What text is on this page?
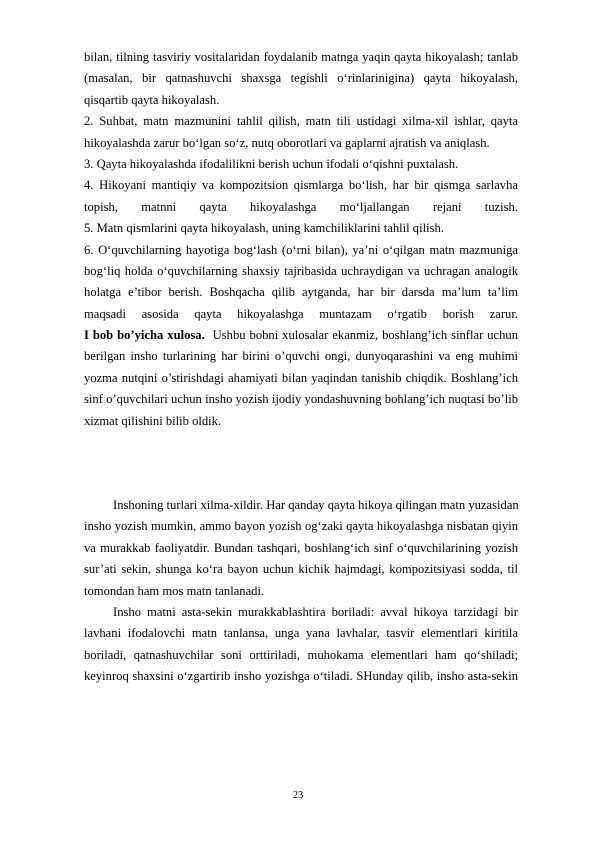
bilan, tilning tasviriy vositalaridan foydalanib matnga yaqin qayta hikoyalash; tanlab
(masalan, bir qatnashuvchi shaxsga tegishli o‘rinlarinigina) qayta hikoyalash,
qisqartib qayta hikoyalash.
2. Suhbat, matn mazmunini tahlil qilish, matn tili ustidagi xilma-xil ishlar, qayta
hikoyalashda zarur bo‘lgan so‘z, nutq oborotlari va gaplarni ajratish va aniqlash.
3. Qayta hikoyalashda ifodalilikni berish uchun ifodali o‘qishni puxtalash.
4. Hikoyani mantiqiy va kompozitsion qismlarga bo‘lish, har bir qismga sarlavha
topish, matnni qayta hikoyalashga mo‘ljallangan rejani tuzish.
5. Matn qismlarini qayta hikoyalash, uning kamchiliklarini tahlil qilish.
6. O‘quvchilarning hayotiga bog‘lash (o‘rni bilan), ya’ni o‘qilgan matn mazmuniga
bog‘liq holda o‘quvchilarning shaxsiy tajribasida uchraydigan va uchragan analogik
holatga e’tibor berish. Boshqacha qilib aytganda, har bir darsda ma’lum ta’lim
maqsadi asosida qayta hikoyalashga muntazam o‘rgatib borish zarur.
I bob bo’yicha xulosa. Ushbu bobni xulosalar ekanmiz, boshlang’ich sinflar uchun
berilgan insho turlarining har birini o’quvchi ongi, dunyoqarashini va eng muhimi
yozma nutqini o’stirishdagi ahamiyati bilan yaqindan tanishib chiqdik. Boshlang’ich
sinf o’quvchilari uchun insho yozish ijodiy yondashuvning bohlang’ich nuqtasi bo’lib
xizmat qilishini bilib oldik.
Inshoning turlari xilma-xildir. Har qanday qayta hikoya qilingan matn yuzasidan
insho yozish mumkin, ammo bayon yozish og‘zaki qayta hikoyalashga nisbatan qiyin
va murakkab faoliyatdir. Bundan tashqari, boshlang‘ich sinf o‘quvchilarining yozish
sur’ati sekin, shunga ko‘ra bayon uchun kichik hajmdagi, kompozitsiyasi sodda, til
tomondan ham mos matn tanlanadi.
Insho matni asta-sekin murakkablashtira boriladi: avval hikoya tarzidagi bir
lavhani ifodalovchi matn tanlansa, unga yana lavhalar, tasvir elementlari kiritila
boriladi, qatnashuvchilar soni orttiriladi, muhokama elementlari ham qo‘shiladi;
keyinroq shaxsini o‘zgartirib insho yozishga o‘tiladi. SHunday qilib, insho asta-sekin
23
